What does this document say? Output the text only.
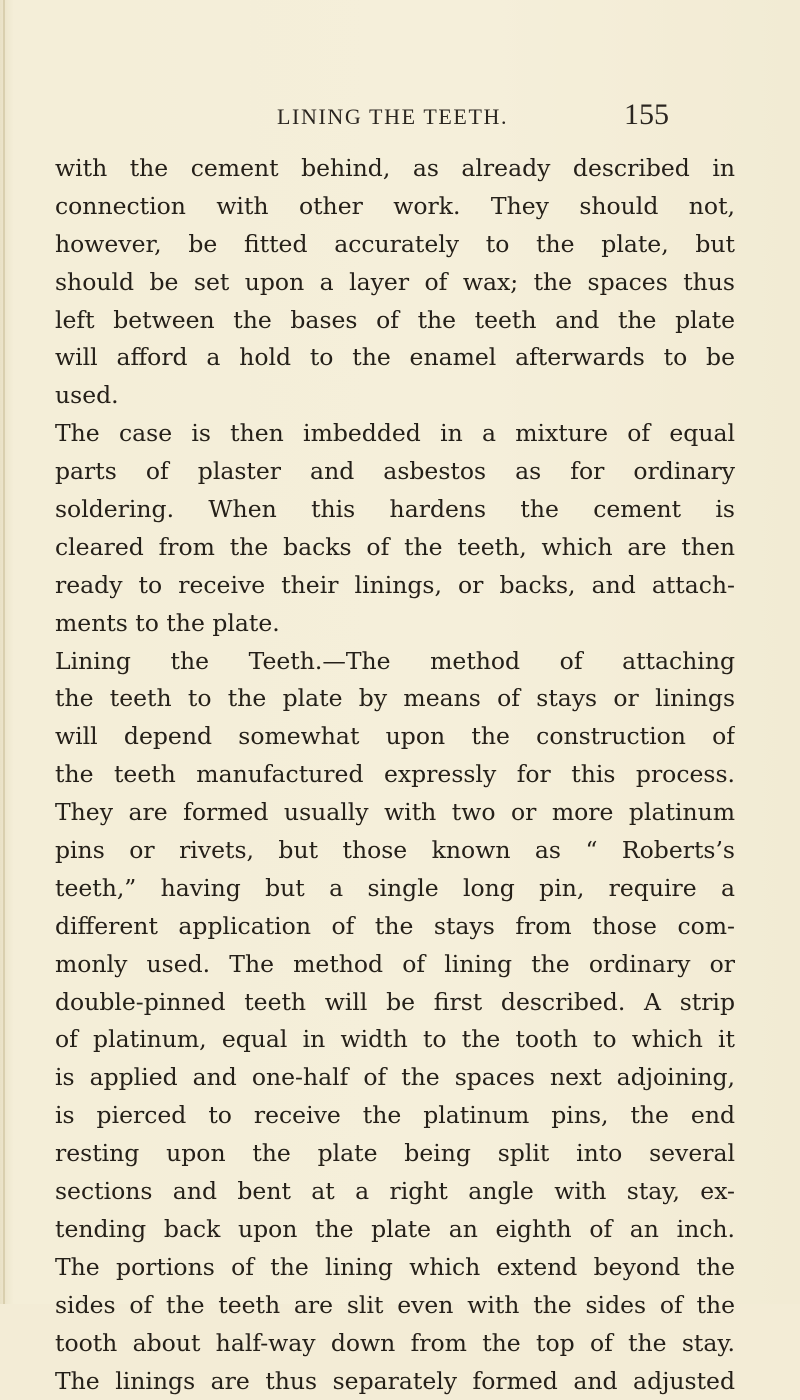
LINING THE TEETH.	155
with the cement behind, as already described in
connection with other work. They should not,
however, be fitted accurately to the plate, but
should be set upon a layer of wax; the spaces thus
left between the bases of the teeth and the plate
will afford a hold to the enamel afterwards to be
used.
The case is then imbedded in a mixture of equal
parts of plaster and asbestos as for ordinary
soldering. When this hardens the cement is
cleared from the backs of the teeth, which are then
ready to receive their linings, or backs, and attach-
ments to the plate.
Lining the Teeth.—The method of attaching
the teeth to the plate by means of stays or linings
will depend somewhat upon the construction of
the teeth manufactured expressly for this process.
They are formed usually with two or more platinum
pins or rivets, but those known as “ Roberts’s
teeth,” having but a single long pin, require a
different application of the stays from those com-
monly used. The method of lining the ordinary or
double-pinned teeth will be first described. A strip
of platinum, equal in width to the tooth to which it
is applied and one-half of the spaces next adjoining,
is pierced to receive the platinum pins, the end
resting upon the plate being split into several
sections and bent at a right angle with stay, ex-
tending back upon the plate an eighth of an inch.
The portions of the lining which extend beyond the
sides of the teeth are slit even with the sides of the
tooth about half-way down from the top of the stay.
The linings are thus separately formed and adjusted
